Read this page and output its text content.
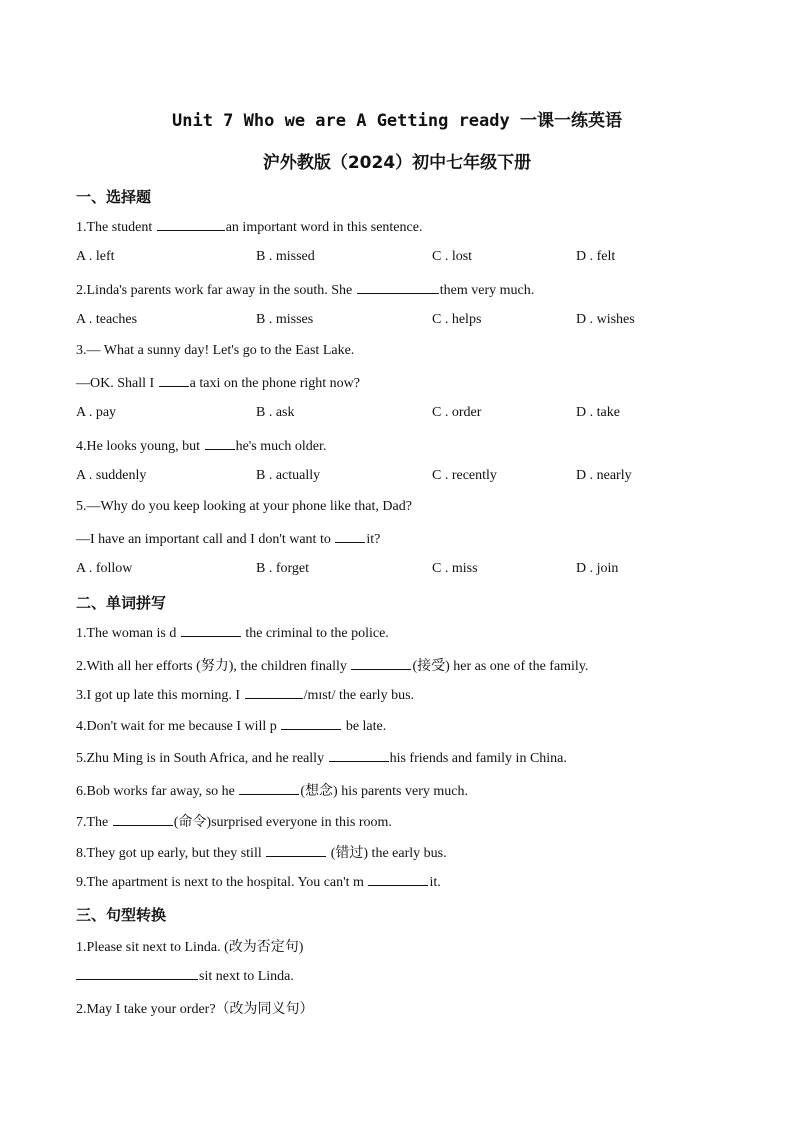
Unit 7 Who we are A Getting ready 一课一练英语
沪外教版（2024）初中七年级下册
一、选择题
1.The student	an important word in this sentence.
A . left	B . missed	C . lost	D . felt
2.Linda's parents work far away in the south. She	them very much.
A . teaches	B . misses	C . helps	D . wishes
3.— What a sunny day! Let's go to the East Lake.
—OK. Shall I a taxi on the phone right now?
A . pay	B . ask	C . order	D . take
4.He looks young, but he's much older.
A . suddenly	B . actually	C . recently	D . nearly
5.—Why do you keep looking at your phone like that, Dad?
—I have an important call and I don't want to it?
A . follow	B . forget	C . miss	D . join
二、单词拼写
1.The woman is d	the criminal to the police.
2.With all her efforts (努力), the children finally	(接受) her as one of the family.
3.I got up late this morning. I	/mɪst/ the early bus.
4.Don't wait for me because I will p	be late.
5.Zhu Ming is in South Africa, and he really	his friends and family in China.
6.Bob works far away, so he	(想念) his parents very much.
7.The	(命令)surprised everyone in this room.
8.They got up early, but they still	(错过) the early bus.
9.The apartment is next to the hospital. You can't m	it.
三、句型转换
1.Please sit next to Linda. (改为否定句)
sit next to Linda.
2.May I take your order?（改为同义句）
